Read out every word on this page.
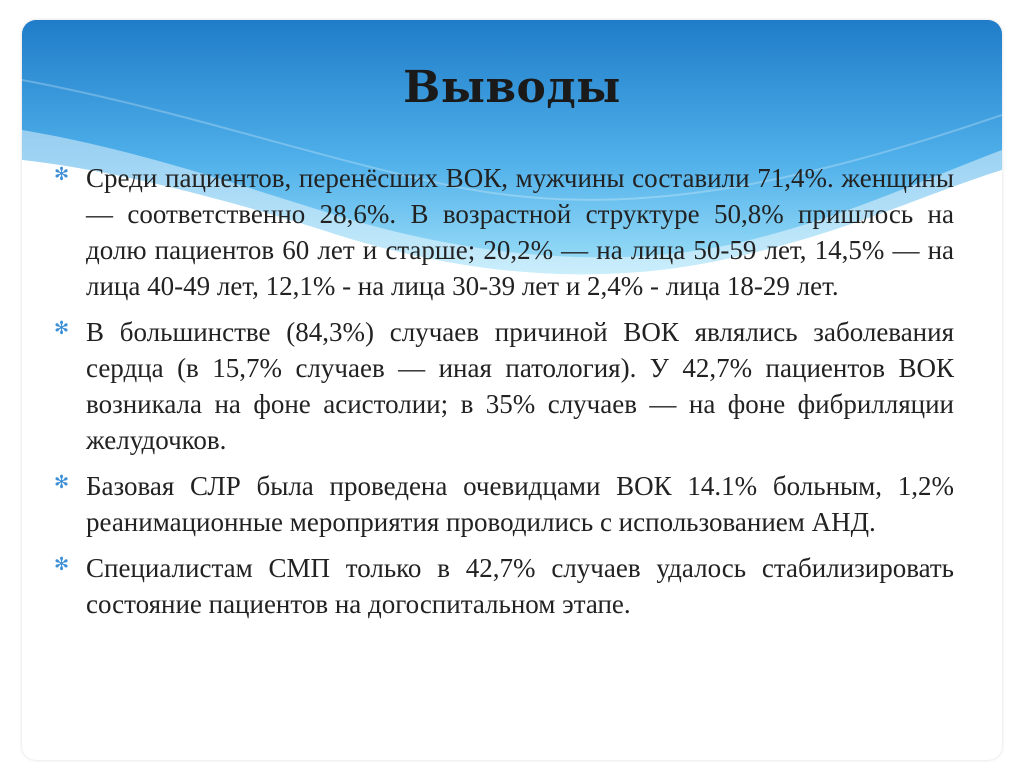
Выводы
✻ Среди пациентов, перенёсших ВОК, мужчины составили 71,4%. женщины — соответственно 28,6%. В возрастной структуре 50,8% пришлось на долю пациентов 60 лет и старше; 20,2% — на лица 50-59 лет, 14,5% — на лица 40-49 лет, 12,1% - на лица 30-39 лет и 2,4% - лица 18-29 лет.

✻ В большинстве (84,3%) случаев причиной ВОК являлись заболевания сердца (в 15,7% случаев — иная патология). У 42,7% пациентов ВОК возникала на фоне асистолии; в 35% случаев — на фоне фибрилляции желудочков.

✻ Базовая СЛР была проведена очевидцами ВОК 14.1% больным, 1,2% реанимационные мероприятия проводились с использованием АНД.

✻ Специалистам СМП только в 42,7% случаев удалось стабилизировать состояние пациентов на догоспитальном этапе.
